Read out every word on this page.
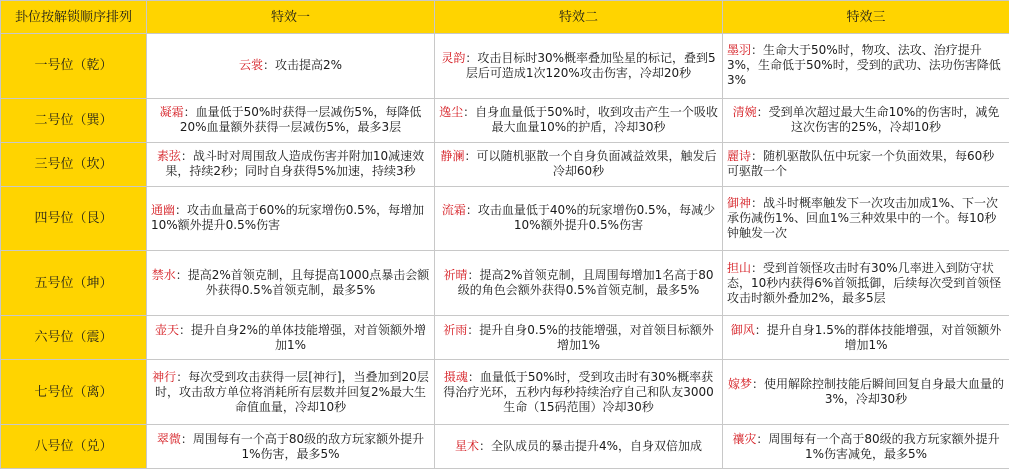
卦位按解锁顺序排列	特效一	特效二	特效三
一号位（乾）	云裳：攻击提高2%	灵韵：攻击目标时30%概率叠加坠星的标记，叠到5层后可造成1次120%攻击伤害，冷却20秒	墨羽：生命大于50%时，物攻、法攻、治疗提升3%，生命低于50%时，受到的武功、法功伤害降低3%
二号位（巽）	凝霜：血量低于50%时获得一层减伤5%，每降低20%血量额外获得一层减伤5%，最多3层	逸尘：自身血量低于50%时，收到攻击产生一个吸收最大血量10%的护盾，冷却30秒	清婉：受到单次超过最大生命10%的伤害时，减免这次伤害的25%，冷却10秒
三号位（坎）	素弦：战斗时对周围敌人造成伤害并附加10减速效果，持续2秒；同时自身获得5%加速，持续3秒	静澜：可以随机驱散一个自身负面减益效果，触发后冷却60秒	麗诗：随机驱散队伍中玩家一个负面效果，每60秒可驱散一个
四号位（艮）	通幽：攻击血量高于60%的玩家增伤0.5%，每增加10%额外提升0.5%伤害	流霜：攻击血量低于40%的玩家增伤0.5%，每减少10%额外提升0.5%伤害	御神：战斗时概率触发下一次攻击加成1%、下一次承伤减伤1%、回血1%三种效果中的一个。每10秒钟触发一次
五号位（坤）	禁水：提高2%首领克制，且每提高1000点暴击会额外获得0.5%首领克制，最多5%	祈晴：提高2%首领克制，且周围每增加1名高于80级的角色会额外获得0.5%首领克制，最多5%	担山：受到首领怪攻击时有30%几率进入到防守状态，10秒内获得6%首领抵御，后续每次受到首领怪攻击时额外叠加2%，最多5层
六号位（震）	壶天：提升自身2%的单体技能增强，对首领额外增加1%	祈雨：提升自身0.5%的技能增强，对首领目标额外增加1%	御风：提升自身1.5%的群体技能增强，对首领额外增加1%
七号位（离）	神行：每次受到攻击获得一层[神行]，当叠加到20层时，攻击敌方单位将消耗所有层数并回复2%最大生命值血量，冷却10秒	摄魂：血量低于50%时，受到攻击时有30%概率获得治疗光环，五秒内每秒持续治疗自己和队友3000生命（15码范围）冷却30秒	嫁梦：使用解除控制技能后瞬间回复自身最大血量的3%，冷却30秒
八号位（兑）	翠微：周围每有一个高于80级的敌方玩家额外提升1%伤害，最多5%	星术：全队成员的暴击提升4%，自身双倍加成	禳灾：周围每有一个高于80级的我方玩家额外提升1%伤害减免，最多5%
